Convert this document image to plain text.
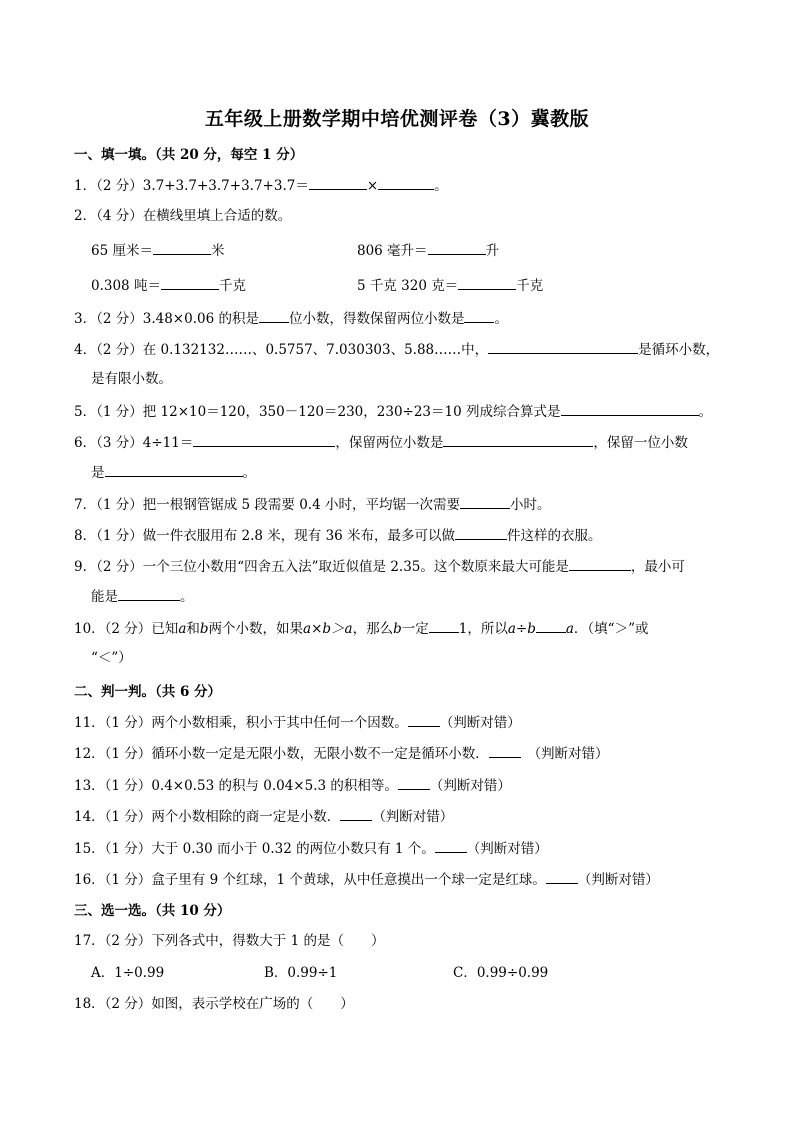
五年级上册数学期中培优测评卷（3）冀教版
一、填一填。（共 20 分，每空 1 分）
1．（2 分）3.7+3.7+3.7+3.7+3.7＝	×	。
2．（4 分）在横线里填上合适的数。
65 厘米＝	米	806 毫升＝	升
0.308 吨＝	千克	5 千克 320 克＝	千克
3．（2 分）3.48×0.06 的积是 位小数，得数保留两位小数是 。
4．（2 分）在 0.132132……、0.5757、7.030303、5.88……中，	是循环小数，
是有限小数。
5．（1 分）把 12×10＝120，350－120＝230，230÷23＝10 列成综合算式是	。
6．（3 分）4÷11＝	，保留两位小数是	，保留一位小数
是	。
7．（1 分）把一根钢管锯成 5 段需要 0.4 小时，平均锯一次需要	小时。
8．（1 分）做一件衣服用布 2.8 米，现有 36 米布，最多可以做	件这样的衣服。
9．（2 分）一个三位小数用“四舍五入法”取近似值是 2.35。这个数原来最大可能是	，最小可
能是	。
10．（2 分）已知a和b两个小数，如果a×b＞a，那么b一定 1，所以a÷b a．（填“＞”或
“＜”）
二、判一判。（共 6 分）
11．（1 分）两个小数相乘，积小于其中任何一个因数。 （判断对错）
12．（1 分）循环小数一定是无限小数，无限小数不一定是循环小数．　	（判断对错）
13．（1 分）0.4×0.53 的积与 0.04×5.3 的积相等。 （判断对错）
14．（1 分）两个小数相除的商一定是小数． （判断对错）
15．（1 分）大于 0.30 而小于 0.32 的两位小数只有 1 个。 （判断对错）
16．（1 分）盒子里有 9 个红球，1 个黄球，从中任意摸出一个球一定是红球。 （判断对错）
三、选一选。（共 10 分）
17．（2 分）下列各式中，得数大于 1 的是（　　）
A．1÷0.99	B．0.99÷1	C．0.99÷0.99
18．（2 分）如图，表示学校在广场的（　　）
